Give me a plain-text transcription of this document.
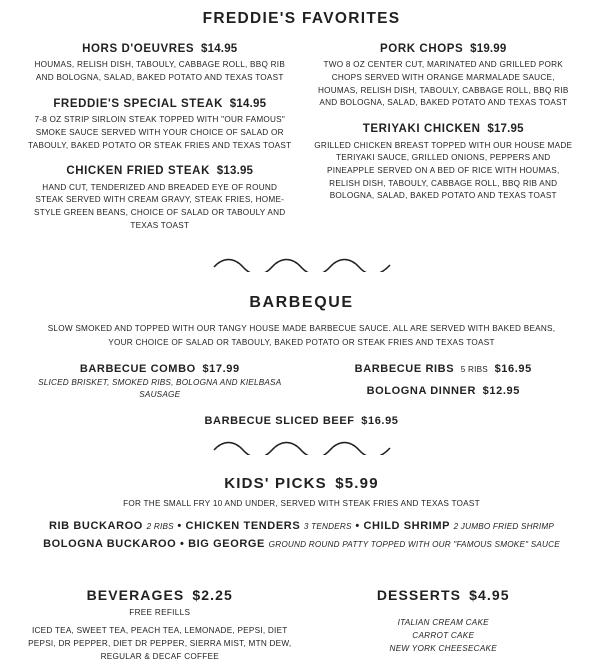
FREDDIE'S FAVORITES
HORS D'OEUVRES $14.95
HOUMAS, RELISH DISH, TABOULY, CABBAGE ROLL, BBQ RIB AND BOLOGNA, SALAD, BAKED POTATO AND TEXAS TOAST
FREDDIE'S SPECIAL STEAK $14.95
7-8 OZ STRIP SIRLOIN STEAK TOPPED WITH "OUR FAMOUS" SMOKE SAUCE SERVED WITH YOUR CHOICE OF SALAD OR TABOULY, BAKED POTATO OR STEAK FRIES AND TEXAS TOAST
CHICKEN FRIED STEAK $13.95
HAND CUT, TENDERIZED AND BREADED EYE OF ROUND STEAK SERVED WITH CREAM GRAVY, STEAK FRIES, HOME-STYLE GREEN BEANS, CHOICE OF SALAD OR TABOULY AND TEXAS TOAST
PORK CHOPS $19.99
TWO 8 OZ CENTER CUT, MARINATED AND GRILLED PORK CHOPS SERVED WITH ORANGE MARMALADE SAUCE, HOUMAS, RELISH DISH, TABOULY, CABBAGE ROLL, BBQ RIB AND BOLOGNA, SALAD, BAKED POTATO AND TEXAS TOAST
TERIYAKI CHICKEN $17.95
GRILLED CHICKEN BREAST TOPPED WITH OUR HOUSE MADE TERIYAKI SAUCE, GRILLED ONIONS, PEPPERS AND PINEAPPLE SERVED ON A BED OF RICE WITH HOUMAS, RELISH DISH, TABOULY, CABBAGE ROLL, BBQ RIB AND BOLOGNA, SALAD, BAKED POTATO AND TEXAS TOAST
BARBEQUE
SLOW SMOKED AND TOPPED WITH OUR TANGY HOUSE MADE BARBECUE SAUCE. ALL ARE SERVED WITH BAKED BEANS, YOUR CHOICE OF SALAD OR TABOULY, BAKED POTATO OR STEAK FRIES AND TEXAS TOAST
BARBECUE COMBO $17.99
SLICED BRISKET, SMOKED RIBS, BOLOGNA AND KIELBASA SAUSAGE
BARBECUE RIBS 5 RIBS $16.95
BOLOGNA DINNER $12.95
BARBECUE SLICED BEEF $16.95
KIDS' PICKS $5.99
FOR THE SMALL FRY 10 AND UNDER, SERVED WITH STEAK FRIES AND TEXAS TOAST
RIB BUCKAROO 2 RIBS • CHICKEN TENDERS 3 TENDERS • CHILD SHRIMP 2 JUMBO FRIED SHRIMP
BOLOGNA BUCKAROO • BIG GEORGE GROUND ROUND PATTY TOPPED WITH OUR "FAMOUS SMOKE" SAUCE
BEVERAGES $2.25
FREE REFILLS
ICED TEA, SWEET TEA, PEACH TEA, LEMONADE, PEPSI, DIET PEPSI, DR PEPPER, DIET DR PEPPER, SIERRA MIST, MTN DEW, REGULAR & DECAF COFFEE
DESSERTS $4.95
ITALIAN CREAM CAKE
CARROT CAKE
NEW YORK CHEESECAKE
